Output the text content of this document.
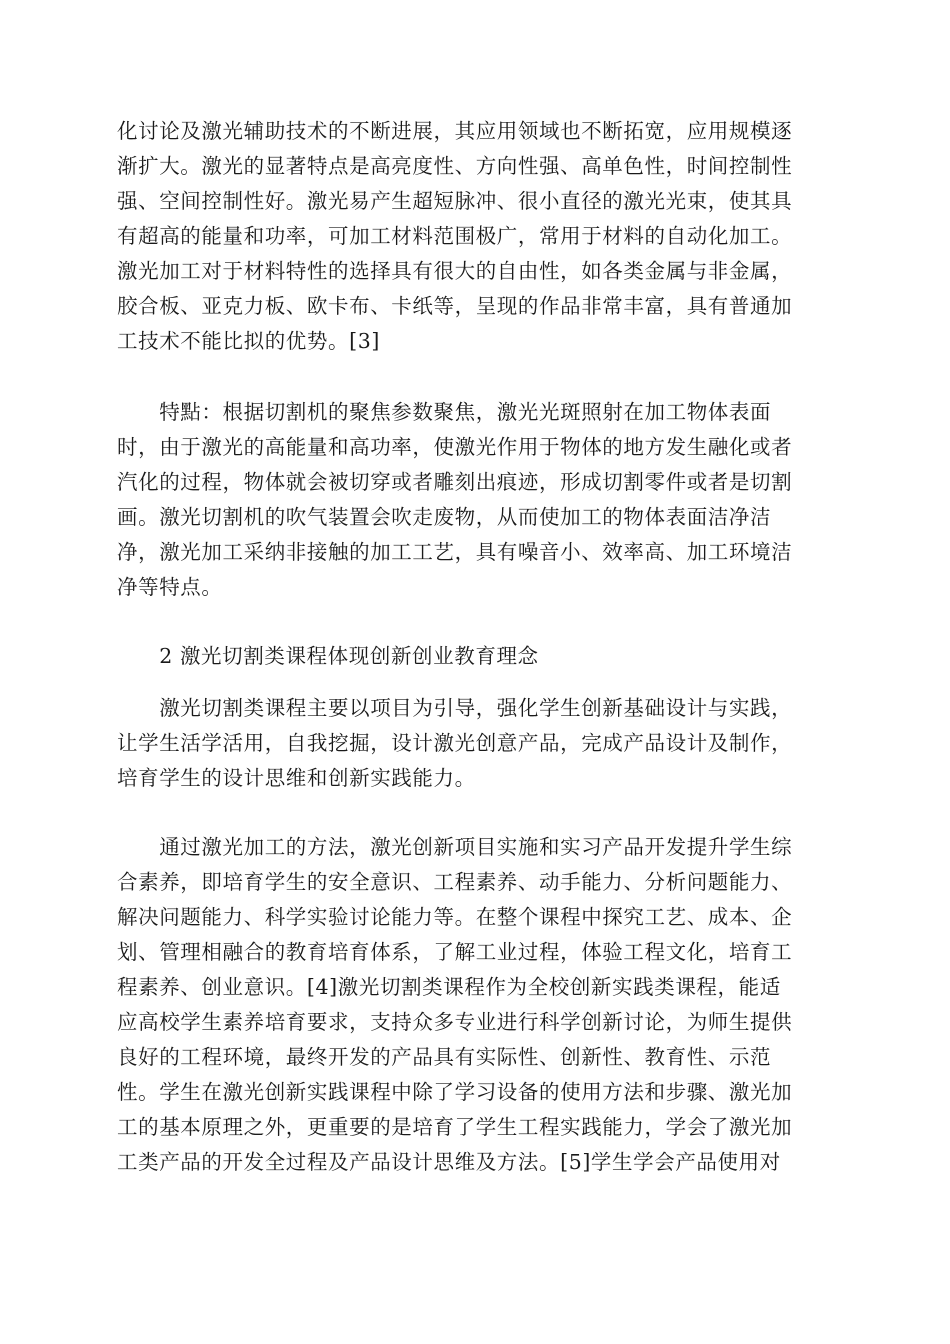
化讨论及激光辅助技术的不断进展，其应用领域也不断拓宽，应用规模逐
渐扩大。激光的显著特点是高亮度性、方向性强、高单色性，时间控制性
强、空间控制性好。激光易产生超短脉冲、很小直径的激光光束，使其具
有超高的能量和功率，可加工材料范围极广，常用于材料的自动化加工。
激光加工对于材料特性的选择具有很大的自由性，如各类金属与非金属，
胶合板、亚克力板、欧卡布、卡纸等，呈现的作品非常丰富，具有普通加
工技术不能比拟的优势。[3]
　　特點：根据切割机的聚焦参数聚焦，激光光斑照射在加工物体表面
时，由于激光的高能量和高功率，使激光作用于物体的地方发生融化或者
汽化的过程，物体就会被切穿或者雕刻出痕迹，形成切割零件或者是切割
画。激光切割机的吹气装置会吹走废物，从而使加工的物体表面洁净洁
净，激光加工采纳非接触的加工工艺，具有噪音小、效率高、加工环境洁
净等特点。
　　2 激光切割类课程体现创新创业教育理念
　　激光切割类课程主要以项目为引导，强化学生创新基础设计与实践，
让学生活学活用，自我挖掘，设计激光创意产品，完成产品设计及制作，
培育学生的设计思维和创新实践能力。
　　通过激光加工的方法，激光创新项目实施和实习产品开发提升学生综
合素养，即培育学生的安全意识、工程素养、动手能力、分析问题能力、
解决问题能力、科学实验讨论能力等。在整个课程中探究工艺、成本、企
划、管理相融合的教育培育体系，了解工业过程，体验工程文化，培育工
程素养、创业意识。[4]激光切割类课程作为全校创新实践类课程，能适
应高校学生素养培育要求，支持众多专业进行科学创新讨论，为师生提供
良好的工程环境，最终开发的产品具有实际性、创新性、教育性、示范
性。学生在激光创新实践课程中除了学习设备的使用方法和步骤、激光加
工的基本原理之外，更重要的是培育了学生工程实践能力，学会了激光加
工类产品的开发全过程及产品设计思维及方法。[5]学生学会产品使用对
